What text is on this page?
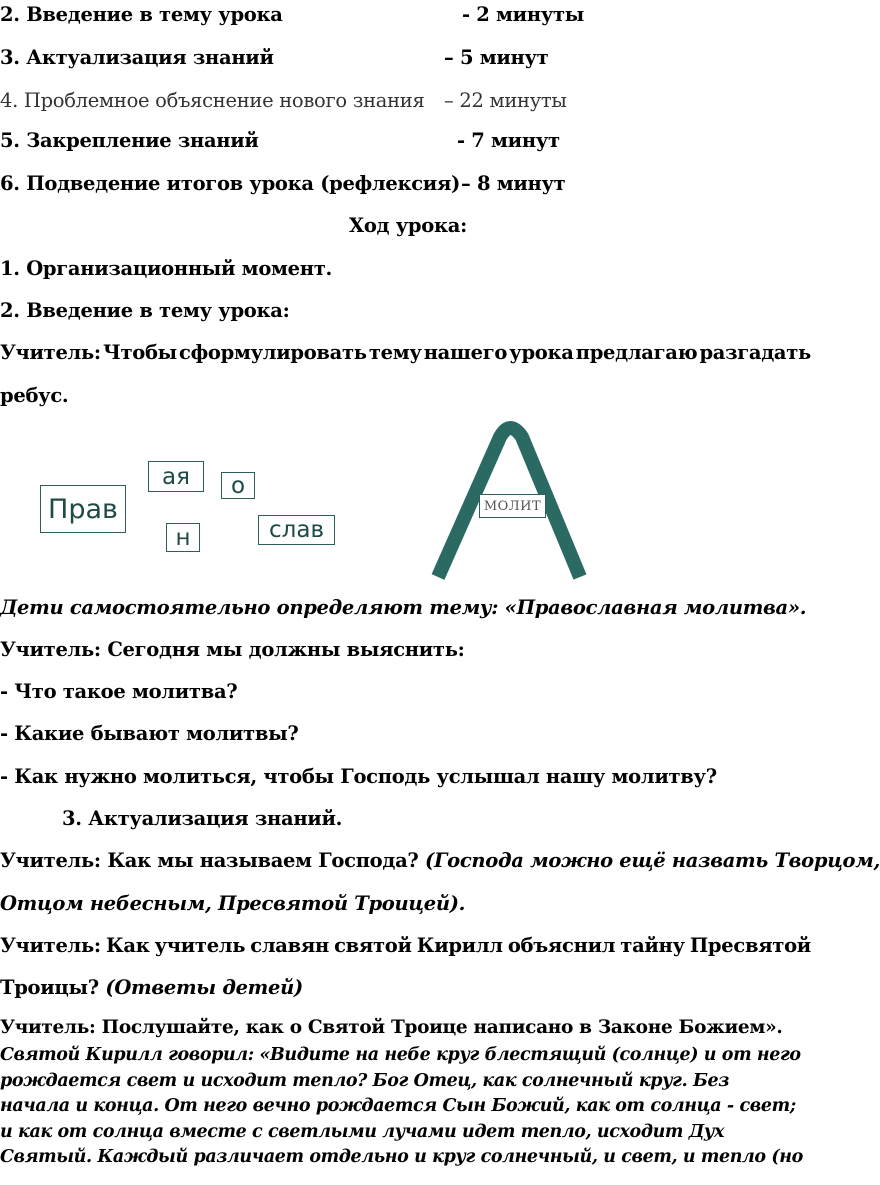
2. Введение в тему урока	- 2 минуты
3. Актуализация знаний	– 5 минут
4. Проблемное объяснение нового знания – 22 минуты
5. Закрепление знаний	- 7 минут
6. Подведение итогов урока (рефлексия) – 8 минут
Ход урока:
1. Организационный момент.
2. Введение в тему урока:
Учитель: Чтобы сформулировать тему нашего урока предлагаю разгадать
ребус.
Прав
ая	о
н	слав
МОЛИТ
Дети самостоятельно определяют тему: «Православная молитва».
Учитель: Сегодня мы должны выяснить:
- Что такое молитва?
- Какие бывают молитвы?
- Как нужно молиться, чтобы Господь услышал нашу молитву?
3. Актуализация знаний.
Учитель: Как мы называем Господа? (Господа можно ещё назвать Творцом,
Отцом небесным, Пресвятой Троицей).
Учитель: Как учитель славян святой Кирилл объяснил тайну Пресвятой
Троицы? (Ответы детей)
Учитель: Послушайте, как о Святой Троице написано в Законе Божием».
Святой Кирилл говорил: «Видите на небе круг блестящий (солнце) и от него
рождается свет и исходит тепло? Бог Отец, как солнечный круг. Без
начала и конца. От него вечно рождается Сын Божий, как от солнца - свет;
и как от солнца вместе с светлыми лучами идет тепло, исходит Дух
Святый. Каждый различает отдельно и круг солнечный, и свет, и тепло (но
